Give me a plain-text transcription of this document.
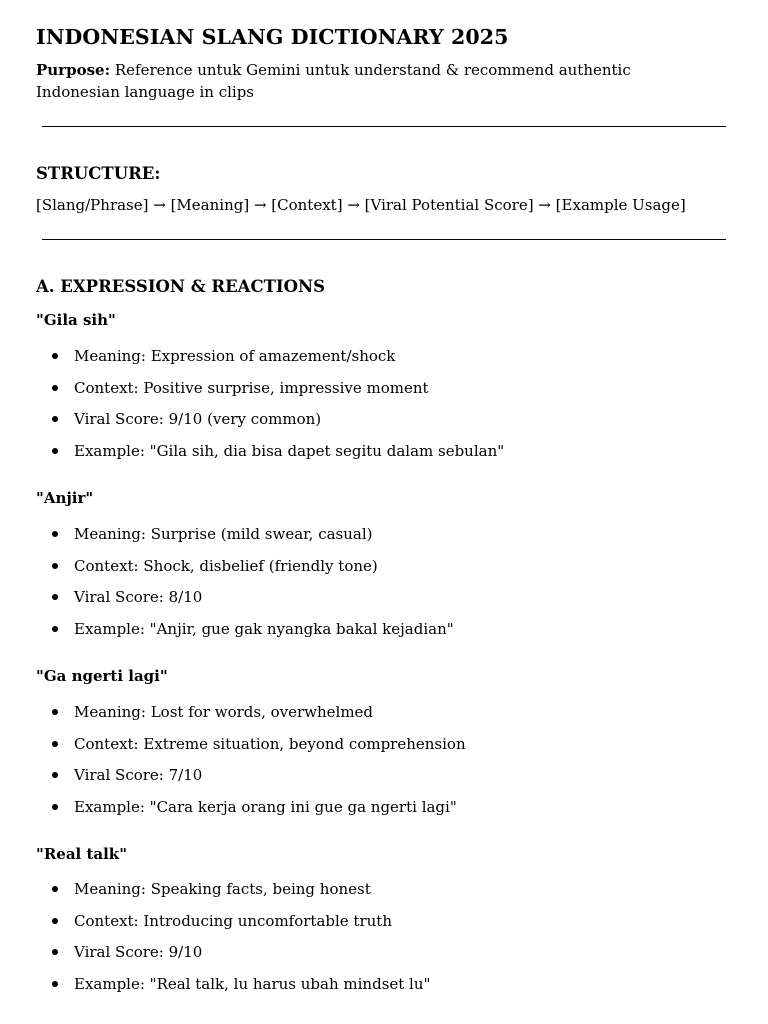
INDONESIAN SLANG DICTIONARY 2025

Purpose: Reference untuk Gemini untuk understand & recommend authentic Indonesian language in clips

STRUCTURE:

[Slang/Phrase] → [Meaning] → [Context] → [Viral Potential Score] → [Example Usage]

A. EXPRESSION & REACTIONS

"Gila sih"

Meaning: Expression of amazement/shock
Context: Positive surprise, impressive moment
Viral Score: 9/10 (very common)
Example: "Gila sih, dia bisa dapet segitu dalam sebulan"

"Anjir"

Meaning: Surprise (mild swear, casual)
Context: Shock, disbelief (friendly tone)
Viral Score: 8/10
Example: "Anjir, gue gak nyangka bakal kejadian"

"Ga ngerti lagi"

Meaning: Lost for words, overwhelmed
Context: Extreme situation, beyond comprehension
Viral Score: 7/10
Example: "Cara kerja orang ini gue ga ngerti lagi"

"Real talk"

Meaning: Speaking facts, being honest
Context: Introducing uncomfortable truth
Viral Score: 9/10
Example: "Real talk, lu harus ubah mindset lu"
